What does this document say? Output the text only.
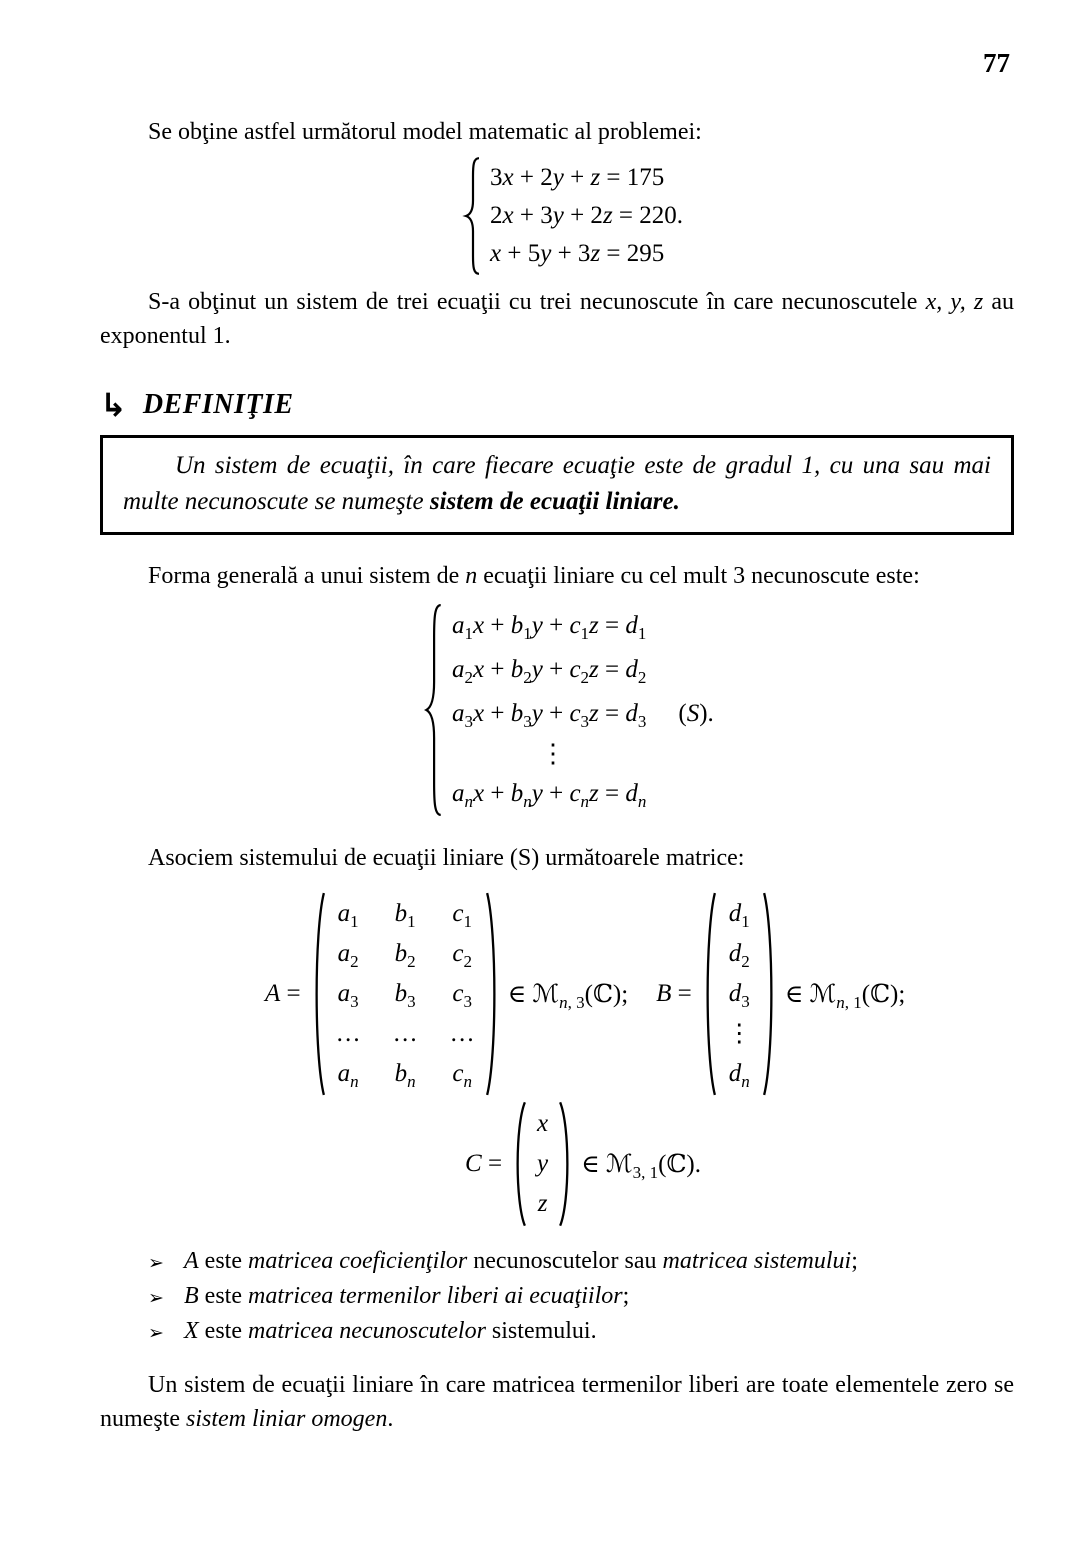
77

Se obţine astfel următorul model matematic al problemei:

3x + 2y + z = 175
2x + 3y + 2z = 220.
x + 5y + 3z = 295

S-a obţinut un sistem de trei ecuaţii cu trei necunoscute în care necunoscutele x, y, z au exponentul 1.

↳ DEFINIŢIE

Un sistem de ecuaţii, în care fiecare ecuaţie este de gradul 1, cu una sau mai multe necunoscute se numeşte sistem de ecuaţii liniare.

Forma generală a unui sistem de n ecuaţii liniare cu cel mult 3 necunoscute este:

$a_1x + b_1y + c_1z = d_1$
$a_2x + b_2y + c_2z = d_2$
$a_3x + b_3y + c_3z = d_3$ (S).
⋮
$a_nx + b_ny + c_nz = d_n$

Asociem sistemului de ecuaţii liniare (S) următoarele matrice:

A =
$a_1$ $b_1$ $c_1$
$a_2$ $b_2$ $c_2$
$a_3$ $b_3$ $c_3$
… … …
$a_n$ $b_n$ $c_n$
∈ ℳ$_{n, 3}$(ℂ); B =
$d_1$
$d_2$
$d_3$
⋮
$d_n$
∈ ℳ$_{n, 1}$(ℂ);
C =
x
y
z
∈ ℳ$_{3, 1}$(ℂ).
➢ A este matricea coeficienţilor necunoscutelor sau matricea sistemului;
➢ B este matricea termenilor liberi ai ecuaţiilor;
➢ X este matricea necunoscutelor sistemului.

Un sistem de ecuaţii liniare în care matricea termenilor liberi are toate elementele zero se numeşte sistem liniar omogen.
